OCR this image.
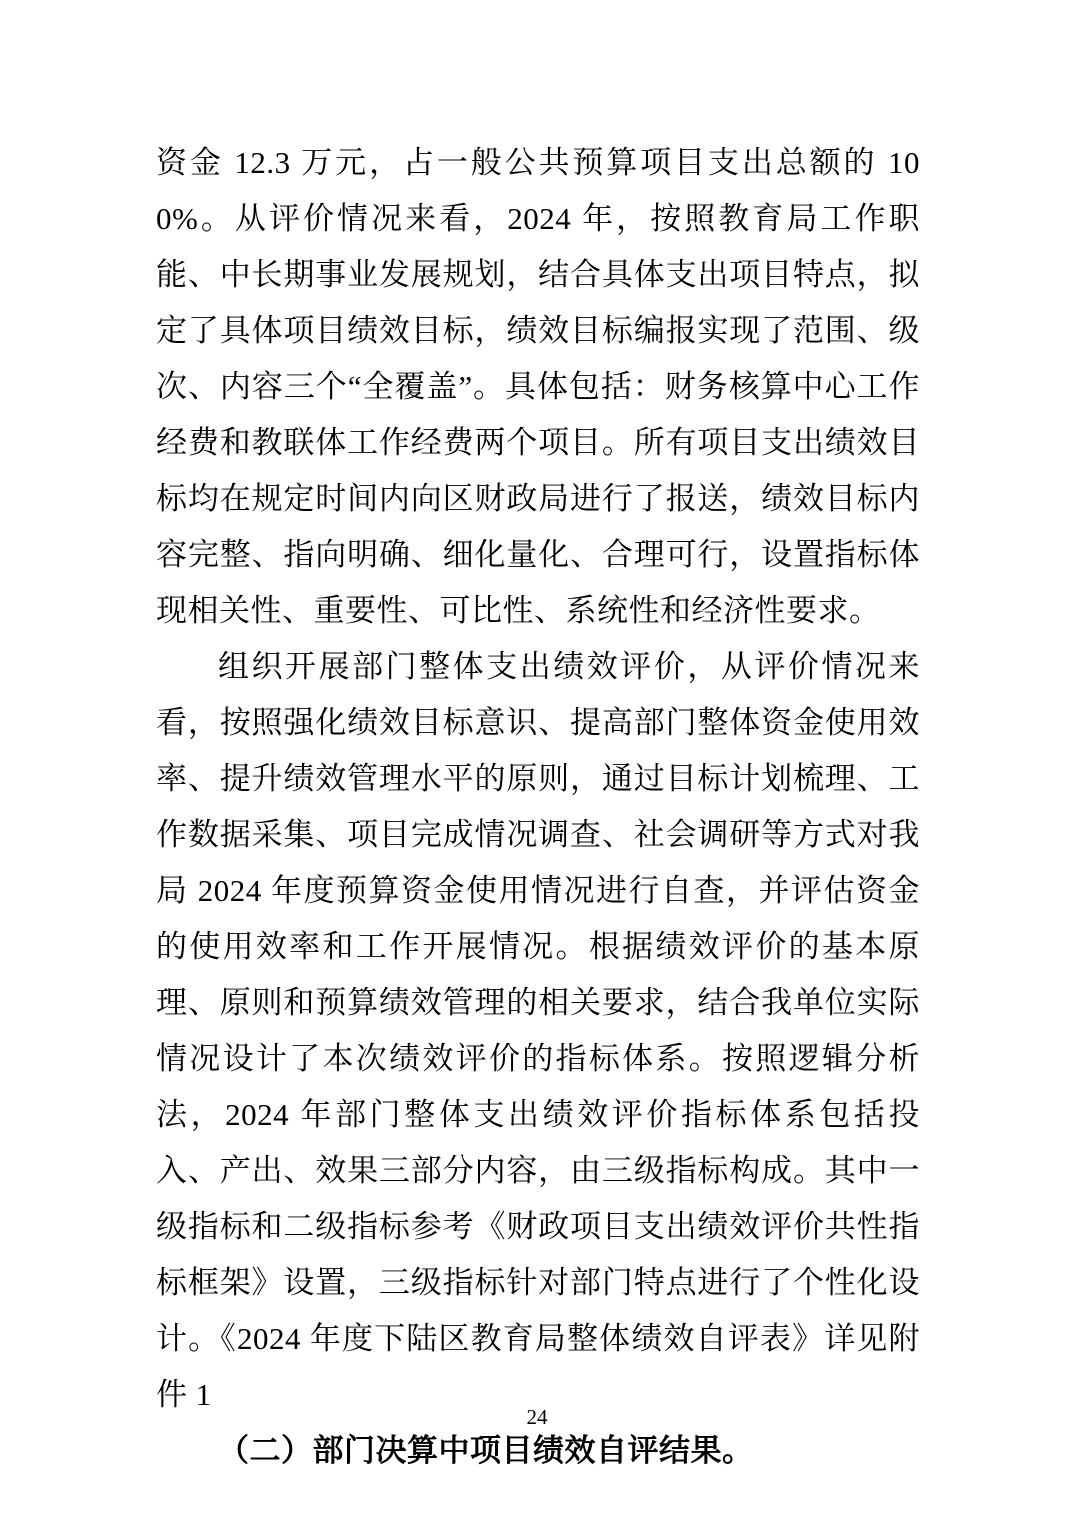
资金 12.3 万元，占一般公共预算项目支出总额的 100%。从评价情况来看，2024 年，按照教育局工作职能、中长期事业发展规划，结合具体支出项目特点，拟定了具体项目绩效目标，绩效目标编报实现了范围、级次、内容三个“全覆盖”。具体包括：财务核算中心工作经费和教联体工作经费两个项目。所有项目支出绩效目标均在规定时间内向区财政局进行了报送，绩效目标内容完整、指向明确、细化量化、合理可行，设置指标体现相关性、重要性、可比性、系统性和经济性要求。

组织开展部门整体支出绩效评价，从评价情况来看，按照强化绩效目标意识、提高部门整体资金使用效率、提升绩效管理水平的原则，通过目标计划梳理、工作数据采集、项目完成情况调查、社会调研等方式对我局 2024 年度预算资金使用情况进行自查，并评估资金的使用效率和工作开展情况。根据绩效评价的基本原理、原则和预算绩效管理的相关要求，结合我单位实际情况设计了本次绩效评价的指标体系。按照逻辑分析法，2024 年部门整体支出绩效评价指标体系包括投入、产出、效果三部分内容，由三级指标构成。其中一级指标和二级指标参考《财政项目支出绩效评价共性指标框架》设置，三级指标针对部门特点进行了个性化设计。《2024 年度下陆区教育局整体绩效自评表》详见附件 1

（二）部门决算中项目绩效自评结果。

24
